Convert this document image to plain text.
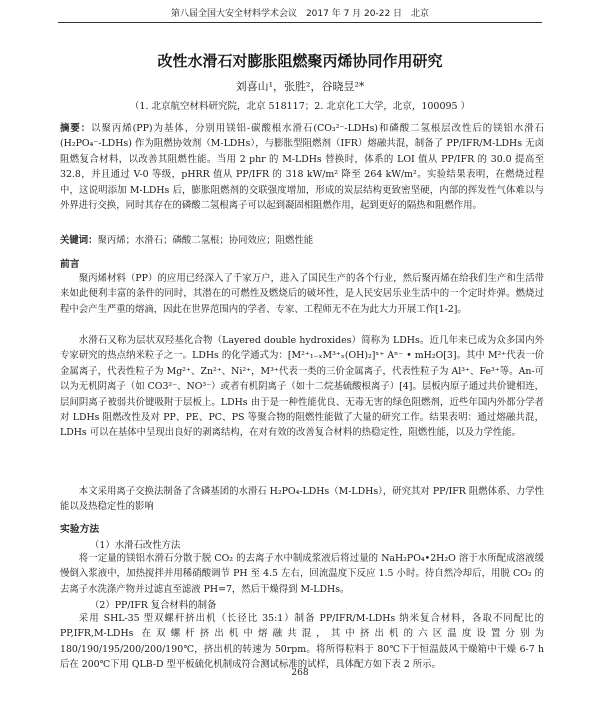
第八届全国大安全材料学术会议　2017 年 7 月 20-22 日　北京
改性水滑石对膨胀阻燃聚丙烯协同作用研究
刘喜山¹，张胜²，谷晓昱²*
（1. 北京航空材料研究院，北京 518117；2. 北京化工大学，北京，100095 ）

摘要：以聚丙烯(PP)为基体，分别用镁铝-碳酸根水滑石(CO₃²⁻-LDHs)和磷酸二氢根层改性后的镁铝水滑石(H₂PO₄⁻-LDHs) 作为阻燃协效剂（M-LDHs），与膨胀型阻燃剂（IFR）熔融共混，制备了 PP/IFR/M-LDHs 无卤阻燃复合材料，以改善其阻燃性能。当用 2 phr 的 M-LDHs 替换时，体系的 LOI 值从 PP/IFR 的 30.0 提高至 32.8，并且通过 V-0 等级，pHRR 值从 PP/IFR 的 318 kW/m² 降至 264 kW/m²。实验结果表明，在燃烧过程中，这说明添加 M-LDHs 后，膨胀阻燃剂的交联强度增加，形成的炭层结构更致密坚硬，内部的挥发性气体难以与外界进行交换，同时其存在的磷酸二氢根离子可以起到凝固相阻燃作用，起到更好的隔热和阻燃作用。

关键词：聚丙烯；水滑石；磷酸二氢根；协同效应；阻燃性能

前言

聚丙烯材料（PP）的应用已经深入了千家万户，进入了国民生产的各个行业，然后聚丙烯在给我们生产和生活带来如此便利丰富的条件的同时，其潜在的可燃性及燃烧后的破坏性，是人民安居乐业生活中的一个定时炸弹。燃烧过程中会产生严重的熔滴，因此在世界范围内的学者、专家、工程师无不在为此大力开展工作[1-2]。

水滑石又称为层状双羟基化合物（Layered double hydroxides）简称为 LDHs。近几年来已成为众多国内外专家研究的热点纳米粒子之一。LDHs 的化学通式为：[M²⁺₁₋ₓM³⁺ₓ(OH)₂]ˣ⁺ Aⁿ⁻ • mH₂O[3]。其中 M²⁺代表一价金属离子，代表性粒子为 Mg²⁺、Zn²⁺、Ni²⁺，M³⁺代表一类的三价金属离子，代表性粒子为 Al³⁺、Fe³⁺等。An-可以为无机阴离子（如 CO3²⁻、NO³⁻）或者有机阴离子（如十二烷基硫酸根离子）[4]。层板内原子通过共价键相连，层间阴离子被弱共价键吸附于层板上。LDHs 由于是一种性能优良、无毒无害的绿色阻燃剂，近些年国内外都分学者对 LDHs 阻燃改性及对 PP、PE、PC、PS 等聚合物的阻燃性能做了大量的研究工作。结果表明：通过熔融共混，LDHs 可以在基体中呈现出良好的剥离结构，在对有效的改善复合材料的热稳定性，阻燃性能，以及力学性能。

本文采用离子交换法制备了含磷基团的水滑石 H₂PO₄-LDHs（M-LDHs），研究其对 PP/IFR 阻燃体系、力学性能以及热稳定性的影响

实验方法
（1）水滑石改性方法

将一定量的镁铝水滑石分散于脱 CO₂ 的去离子水中制成浆液后将过量的 NaH₂PO₄•2H₂O 溶于水所配成溶液缓慢倒入浆液中，加热搅拌并用稀硝酸调节 PH 至 4.5 左右，回流温度下反应 1.5 小时。待自然冷却后，用脱 CO₂ 的去离子水洗涤产物并过滤直至滤液 PH=7，然后干燥得到 M-LDHs。

（2）PP/IFR 复合材料的制备

采用 SHL-35 型双螺杆挤出机（长径比 35:1）制备 PP/IFR/M-LDHs 纳米复合材料，各取不同配比的 PP,IFR,M-LDHs 在双螺杆挤出机中熔融共混，其中挤出机的六区温度设置分别为 180/190/195/200/200/190℃，挤出机的转速为 50rpm。将所得粒料于 80℃下于恒温鼓风干燥箱中干燥 6-7 h 后在 200℃下用 QLB-D 型平板硫化机制成符合测试标准的试样，具体配方如下表 2 所示。

268
